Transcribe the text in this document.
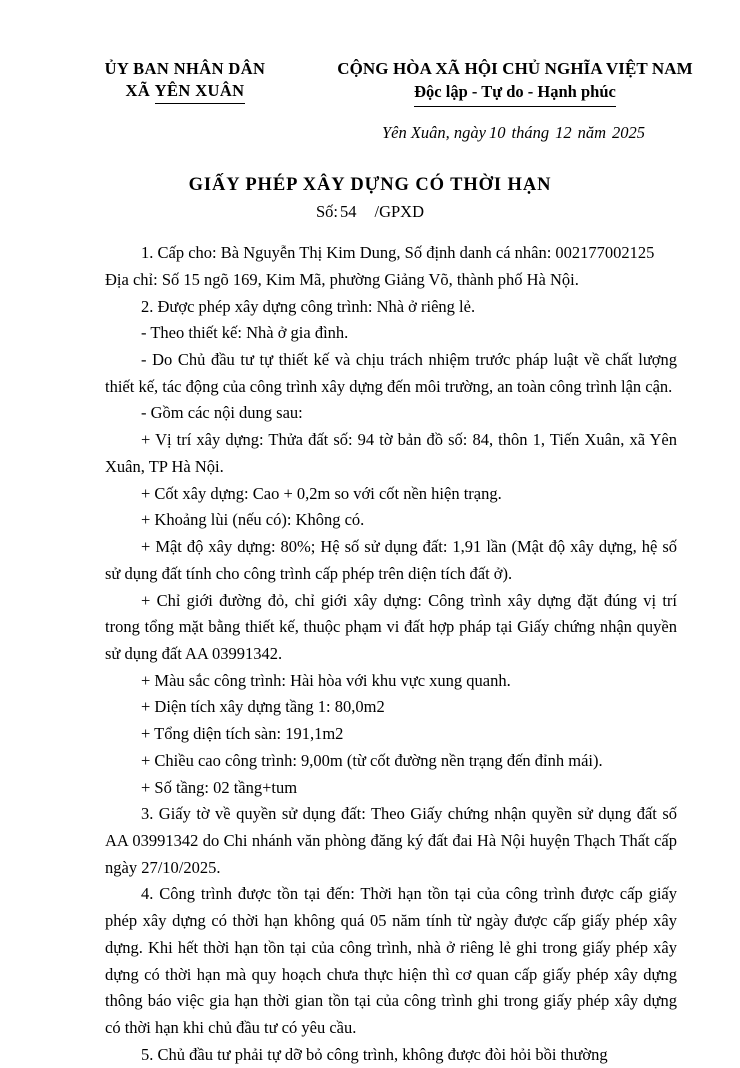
ỦY BAN NHÂN DÂN
XÃ YÊN XUÂN
CỘNG HÒA XÃ HỘI CHỦ NGHĨA VIỆT NAM
Độc lập - Tự do - Hạnh phúc
Yên Xuân, ngày 10 tháng 12 năm 2025
GIẤY PHÉP XÂY DỰNG CÓ THỜI HẠN
Số: 54 /GPXD

1. Cấp cho: Bà Nguyễn Thị Kim Dung, Số định danh cá nhân: 002177002125

Địa chỉ: Số 15 ngõ 169, Kim Mã, phường Giảng Võ, thành phố Hà Nội.

2. Được phép xây dựng công trình: Nhà ở riêng lẻ.

- Theo thiết kế: Nhà ở gia đình.

- Do Chủ đầu tư tự thiết kế và chịu trách nhiệm trước pháp luật về chất lượng thiết kế, tác động của công trình xây dựng đến môi trường, an toàn công trình lận cận.

- Gồm các nội dung sau:

+ Vị trí xây dựng: Thửa đất số: 94 tờ bản đồ số: 84, thôn 1, Tiến Xuân, xã Yên Xuân, TP Hà Nội.

+ Cốt xây dựng: Cao + 0,2m so với cốt nền hiện trạng.

+ Khoảng lùi (nếu có): Không có.

+ Mật độ xây dựng: 80%; Hệ số sử dụng đất: 1,91 lần (Mật độ xây dựng, hệ số sử dụng đất tính cho công trình cấp phép trên diện tích đất ở).

+ Chỉ giới đường đỏ, chỉ giới xây dựng: Công trình xây dựng đặt đúng vị trí trong tổng mặt bằng thiết kế, thuộc phạm vi đất hợp pháp tại Giấy chứng nhận quyền sử dụng đất AA 03991342.

+ Màu sắc công trình: Hài hòa với khu vực xung quanh.

+ Diện tích xây dựng tầng 1: 80,0m2

+ Tổng diện tích sàn: 191,1m2

+ Chiều cao công trình: 9,00m (từ cốt đường nền trạng đến đỉnh mái).

+ Số tầng: 02 tầng+tum

3. Giấy tờ về quyền sử dụng đất: Theo Giấy chứng nhận quyền sử dụng đất số AA 03991342 do Chi nhánh văn phòng đăng ký đất đai Hà Nội huyện Thạch Thất cấp ngày 27/10/2025.

4. Công trình được tồn tại đến: Thời hạn tồn tại của công trình được cấp giấy phép xây dựng có thời hạn không quá 05 năm tính từ ngày được cấp giấy phép xây dựng. Khi hết thời hạn tồn tại của công trình, nhà ở riêng lẻ ghi trong giấy phép xây dựng có thời hạn mà quy hoạch chưa thực hiện thì cơ quan cấp giấy phép xây dựng thông báo việc gia hạn thời gian tồn tại của công trình ghi trong giấy phép xây dựng có thời hạn khi chủ đầu tư có yêu cầu.

5. Chủ đầu tư phải tự dỡ bỏ công trình, không được đòi hỏi bồi thường
